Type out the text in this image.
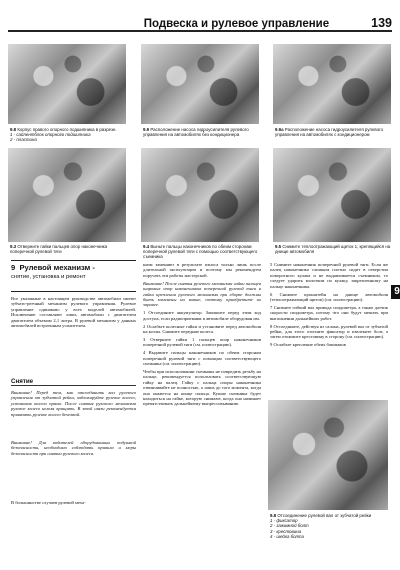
Подвеска и рулевое управление	139
9.8 Корпус правого опорного подшипника в разрезе.
1 - сайлентблок опорного подшипника
2 - пластина
9.9 Расположение насоса гидроусилителя рулевого управления на автомобилях без кондиционера
9.9а Расположение насоса гидроусилителя рулевого управления на автомобилях с кондиционером
9.3 Отверните гайки пальцев опор наконечника поперечной рулевой тяги
9.4 Выньте пальцы наконечников по обеим сторонам поперечной рулевой тяги с помощью соответствующего съемника
9.5 Снимите теплоотражающий щиток 1, крепящийся на днище автомобиля
9 Рулевой механизм -
снятие, установка и ремонт

Все указанные в настоящем руководстве автомобили имеют зубчато-реечный механизм рулевого управления. Рулевое управление одинаково у всех моделей автомобилей. Исключение составляют лишь автомобили с двигателем двигателем объемом 2,1 литра. В рулевой механизм у данных автомобилей встроенным усилителем.

Снятие
Внимание! Перед тем, как отсоединить вал рулевого управления от зубчатой рейки, заблокируйте рулевое колесо, установив колеса прямо. После снятия рулевого механизма рулевое колесо нельзя вращать. В этой связи рекомендуется привязать рулевое колесо бечевкой.
Внимание! Для водителей оборудованных подушкой безопасности, необходимо соблюдать правила и меры безопасности при снятии рулевого колеса.

В большинстве случаев рулевой меха-

низм заменяют в результате износа только лишь после длительной эксплуатации и поэтому мы рекомендуем поручать эти работы мастерской.

Внимание! После снятия рулевого механизма гайки пальцев шаровых опор наконечников поперечной рулевой тяги и гайки креплении рулевого механизма при сборке должны быть заменены на новые, поэтому приобретите их заранее.

1 Отсоедините аккумулятор. Запишите перед этим код доступа, если радиоприемник в автомобиле оборудован им.

2 Ослабьте колесные гайки и установите перед автомобиля на козлы. Снимите передние колеса.

3 Отверните гайки 1 пальцев опор наконечников поперечной рулевой тяги (см. иллюстрацию).

4 Выдавите пальцы наконечников по обеим сторонам поперечной рулевой тяги с помощью соответствующего съемника (см. иллюстрацию).

Чтобы при использовании съемника не повредить резьбу на пальце, рекомендуется использовать соответствующую гайку на палец. Гайку с пальца опоры наконечника отвинчивайте не полностью, а лишь до того момента, когда она окажется на конце пальца. Кушие съемника будет находиться на гайке, которую снимают, когда она начинает препятствовать дальнейшему выпрессовыванию.

5 Снимите наконечник поперечной рулевой тяги. Если же палец наконечника слишком плотно сидит в отверстии поворотного кулака и не выдавливается съемником, то следует ударить молотком по кулаку, закрепленному на пальце наконечника.

6 Снимите кронштейн на днище автомобиля (теплоотражающий щиток) (см. иллюстрацию).

7 Снимите гибкий вал привода спидометра, а также датчик скорости спидометра, потому что они будут мешать при выполнении дальнейших работ.

8 Отсоедините, действуя из салона, рулевой вал от зубчатой рейки, для этого отогните фиксатор и извлеките болт, а затем отожмите крестовину в сторону (см. иллюстрацию).

9 Ослабьте крепление обеих башмаков

9.8 Отсоединение рулевой вал от зубчатой рейки
1 - фиксатор
2 - зажимной болт
3 - крестовина
4 - шейка болта
9
